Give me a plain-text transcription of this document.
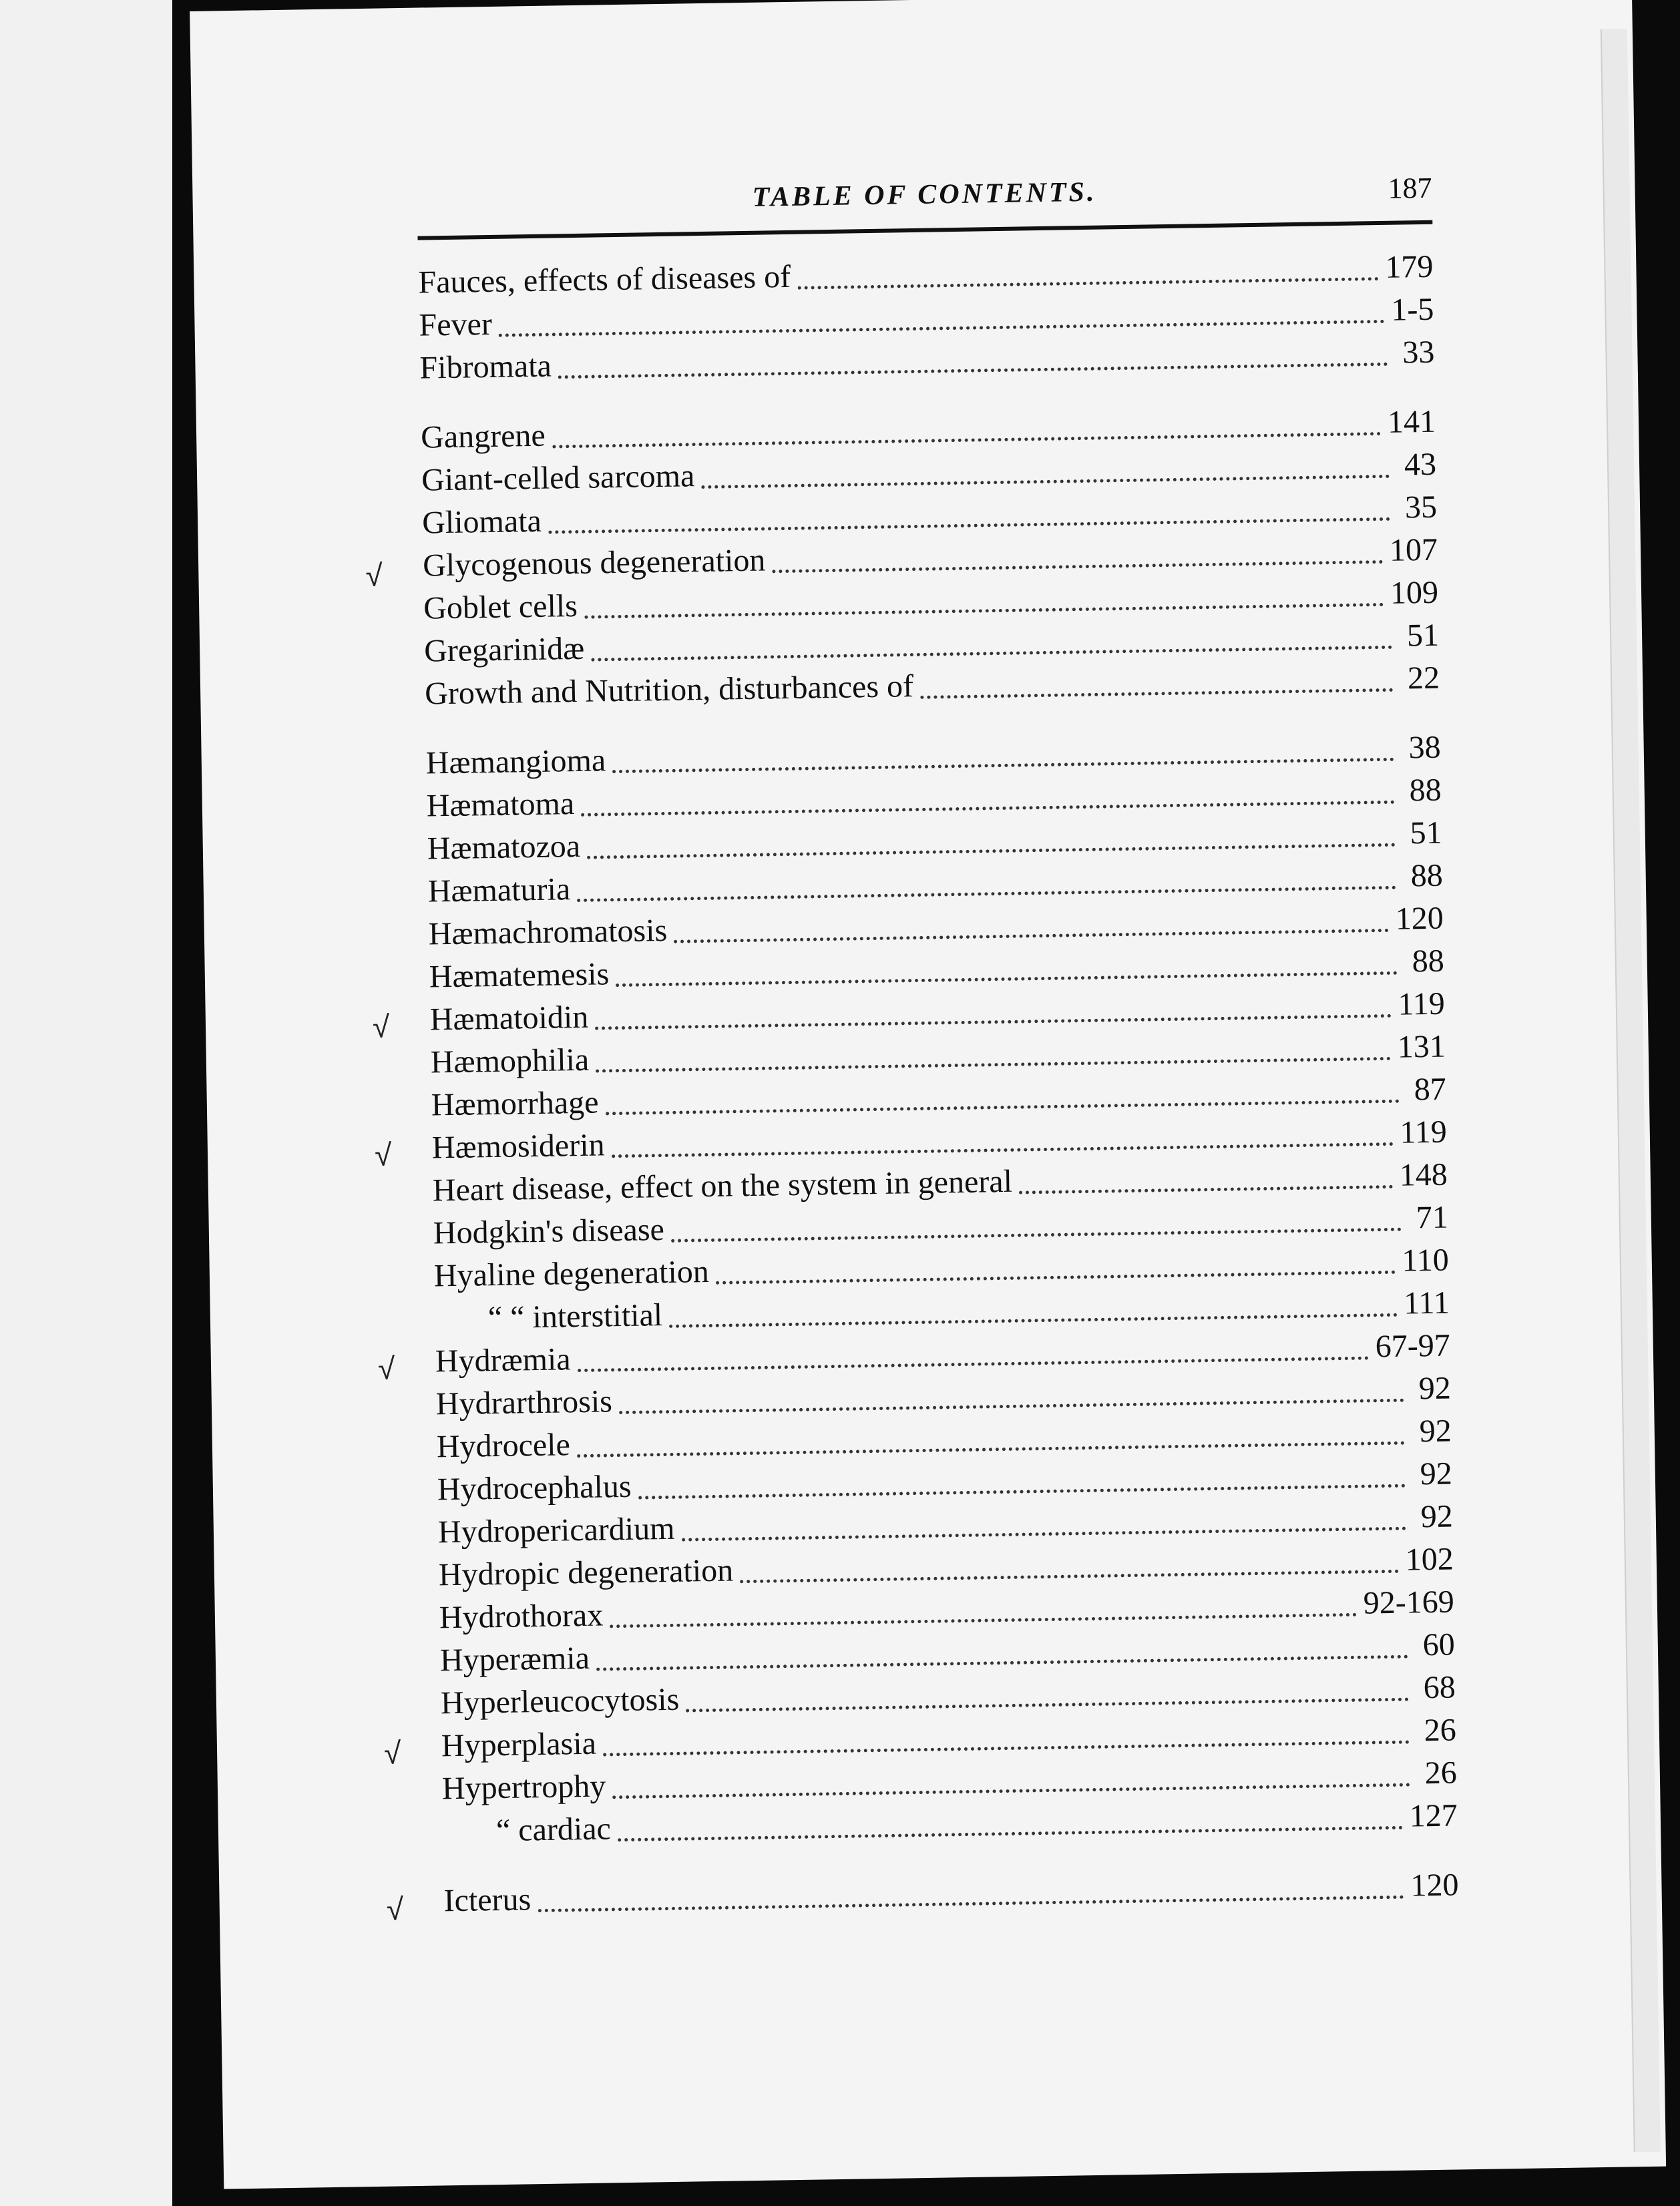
TABLE OF CONTENTS.	187
Fauces, effects of diseases of	179
Fever	1-5
Fibromata	33
Gangrene	141
Giant-celled sarcoma	43
Gliomata	35
Glycogenous degeneration	107
Goblet cells	109
Gregarinidæ	51
Growth and Nutrition, disturbances of	22
Hæmangioma	38
Hæmatoma	88
Hæmatozoa	51
Hæmaturia	88
Hæmachromatosis	120
Hæmatemesis	88
Hæmatoidin	119
Hæmophilia	131
Hæmorrhage	87
Hæmosiderin	119
Heart disease, effect on the system in general	148
Hodgkin's disease	71
Hyaline degeneration	110
“ “ interstitial	111
Hydræmia	67-97
Hydrarthrosis	92
Hydrocele	92
Hydrocephalus	92
Hydropericardium	92
Hydropic degeneration	102
Hydrothorax	92-169
Hyperæmia	60
Hyperleucocytosis	68
Hyperplasia	26
Hypertrophy	26
“ cardiac	127
Icterus	120
√
√
√
√
√
√
